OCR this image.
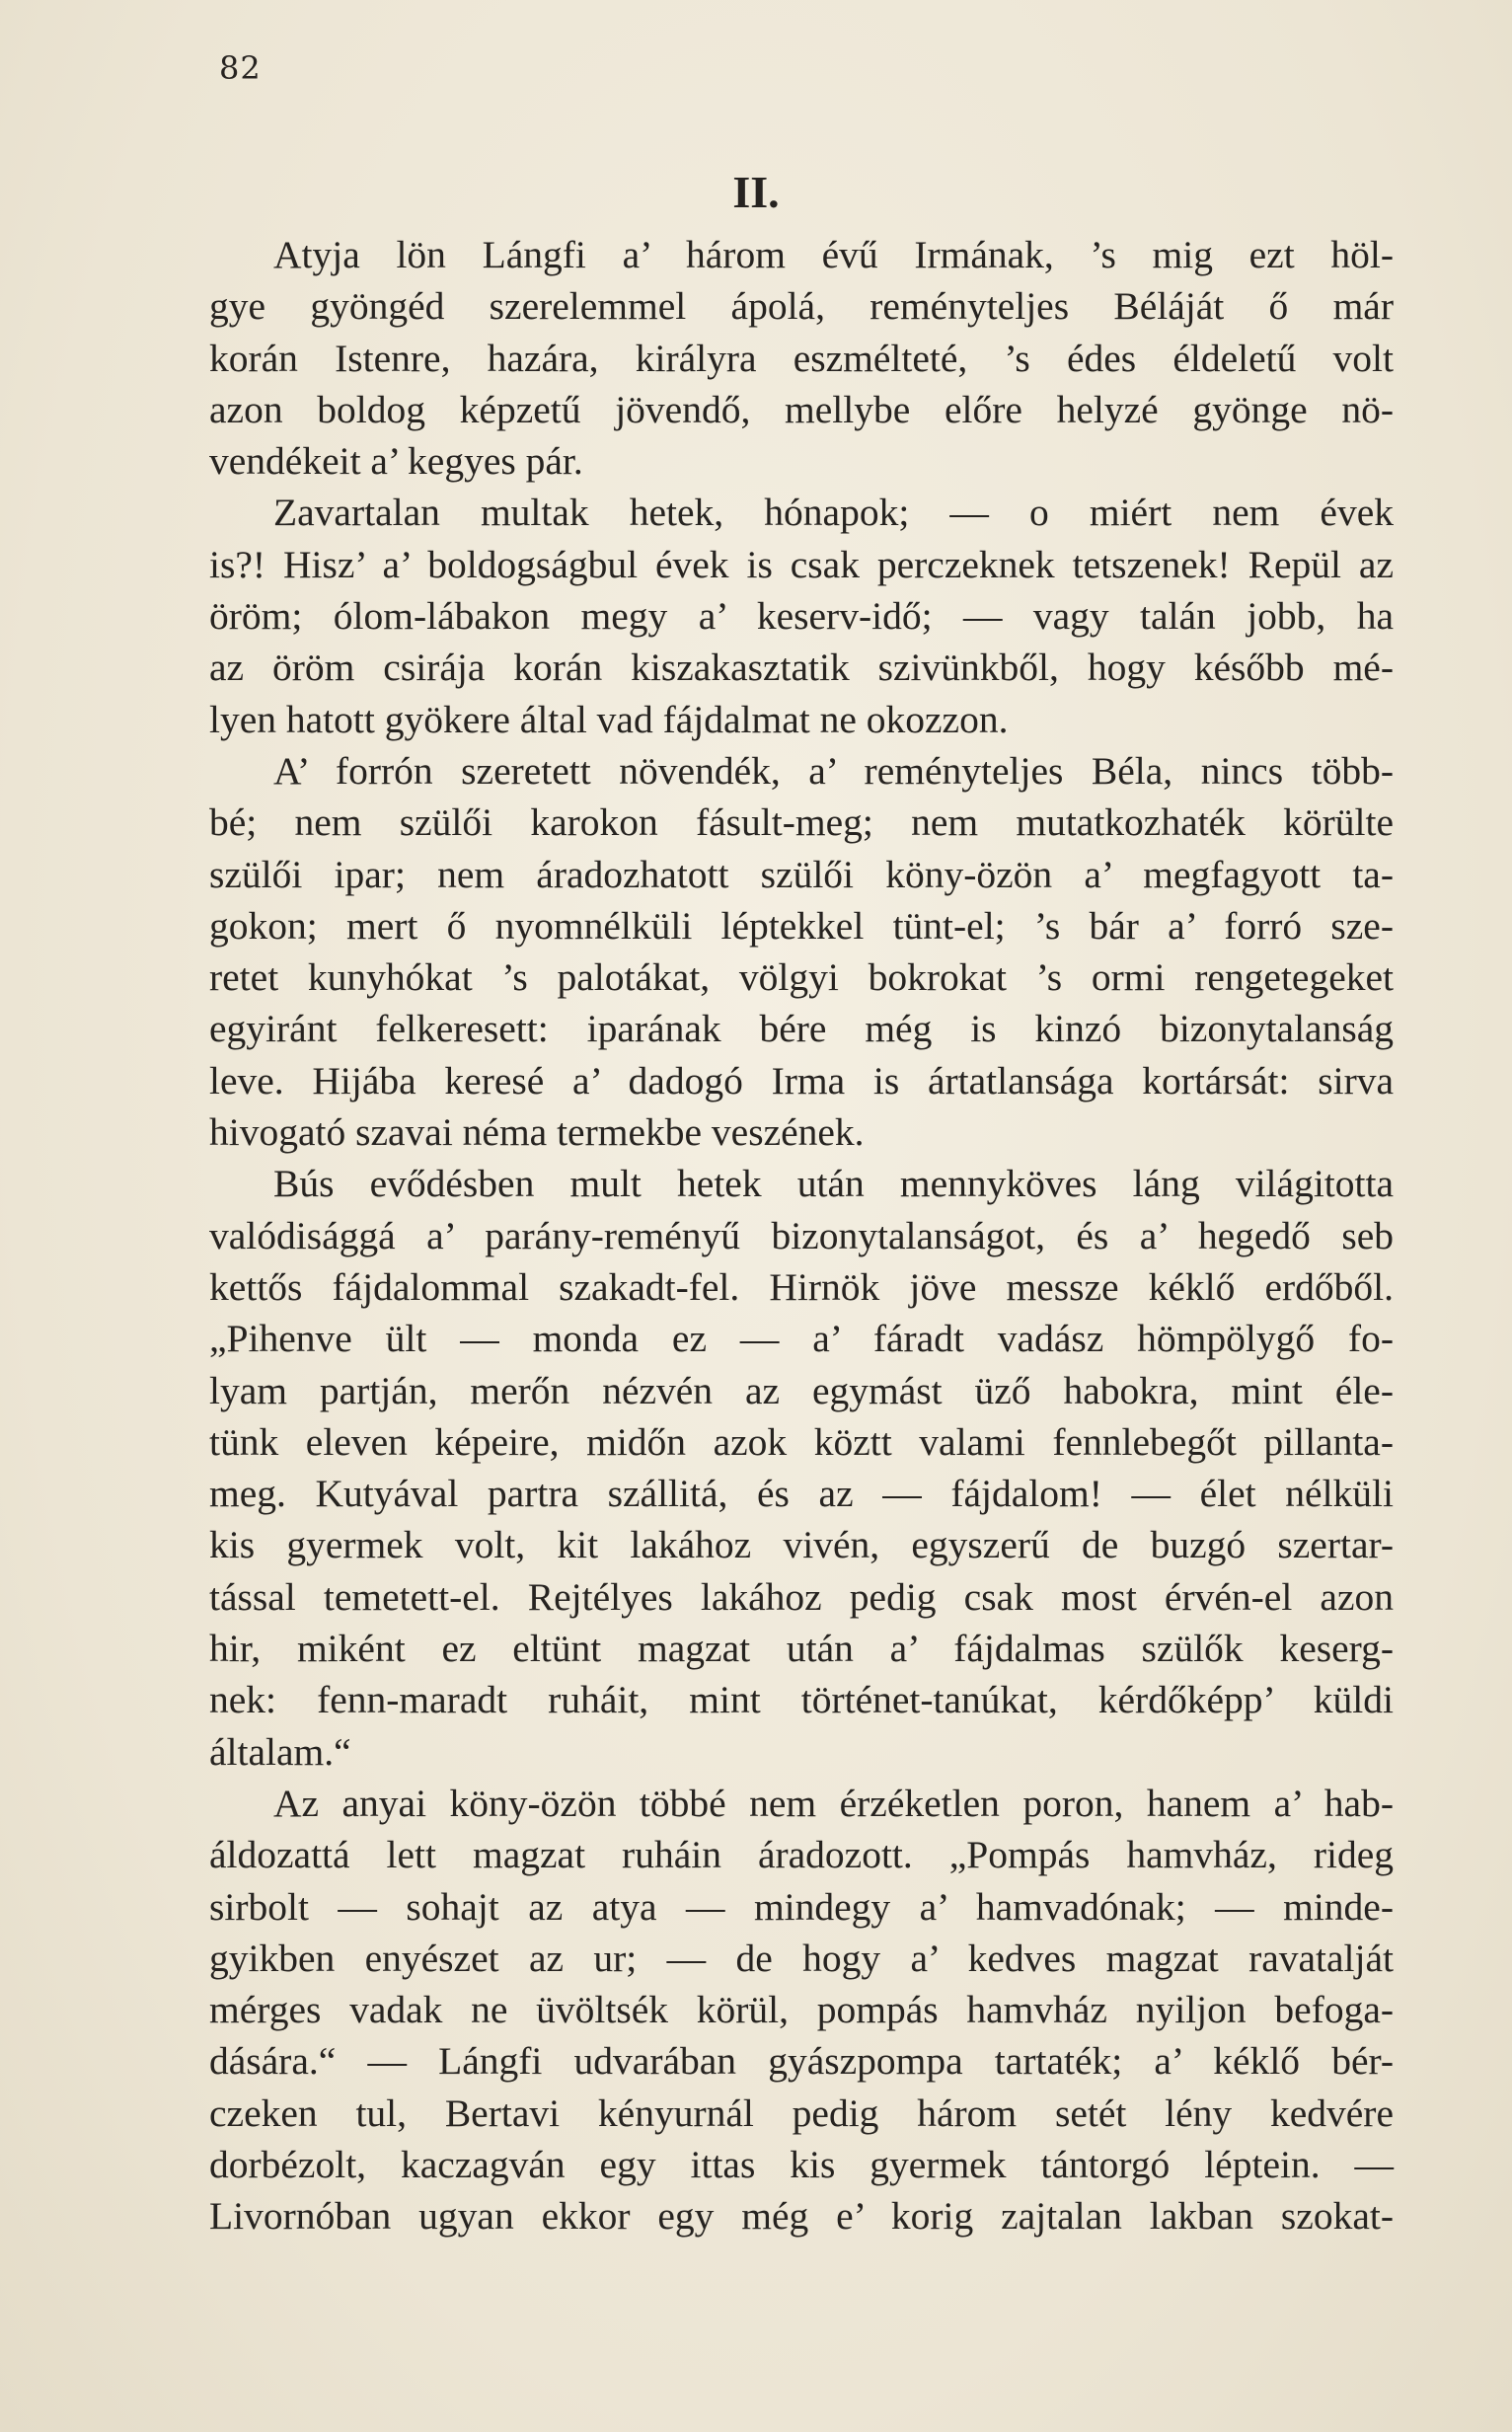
82
II.
Atyja lön Lángfi a’ három évű Irmának, ’s mig ezt höl-
gye gyöngéd szerelemmel ápolá, reményteljes Béláját ő már
korán Istenre, hazára, királyra eszmélteté, ’s édes éldeletű volt
azon boldog képzetű jövendő, mellybe előre helyzé gyönge nö-
vendékeit a’ kegyes pár.
Zavartalan multak hetek, hónapok; — o miért nem évek
is?! Hisz’ a’ boldogságbul évek is csak perczeknek tetszenek! Repül az
öröm; ólom-lábakon megy a’ keserv-idő; — vagy talán jobb, ha
az öröm csirája korán kiszakasztatik szivünkből, hogy később mé-
lyen hatott gyökere által vad fájdalmat ne okozzon.
A’ forrón szeretett növendék, a’ reményteljes Béla, nincs több-
bé; nem szülői karokon fásult-meg; nem mutatkozhaték körülte
szülői ipar; nem áradozhatott szülői köny-özön a’ megfagyott ta-
gokon; mert ő nyomnélküli léptekkel tünt-el; ’s bár a’ forró sze-
retet kunyhókat ’s palotákat, völgyi bokrokat ’s ormi rengetegeket
egyiránt felkeresett: iparának bére még is kinzó bizonytalanság
leve. Hijába keresé a’ dadogó Irma is ártatlansága kortársát: sirva
hivogató szavai néma termekbe veszének.
Bús evődésben mult hetek után mennyköves láng világitotta
valódisággá a’ parány-reményű bizonytalanságot, és a’ hegedő seb
kettős fájdalommal szakadt-fel. Hirnök jöve messze kéklő erdőből.
„Pihenve ült — monda ez — a’ fáradt vadász hömpölygő fo-
lyam partján, merőn nézvén az egymást üző habokra, mint éle-
tünk eleven képeire, midőn azok köztt valami fennlebegőt pillanta-
meg. Kutyával partra szállitá, és az — fájdalom! — élet nélküli
kis gyermek volt, kit lakához vivén, egyszerű de buzgó szertar-
tással temetett-el. Rejtélyes lakához pedig csak most érvén-el azon
hir, miként ez eltünt magzat után a’ fájdalmas szülők keserg-
nek: fenn-maradt ruháit, mint történet-tanúkat, kérdőképp’ küldi
általam.“
Az anyai köny-özön többé nem érzéketlen poron, hanem a’ hab-
áldozattá lett magzat ruháin áradozott. „Pompás hamvház, rideg
sirbolt — sohajt az atya — mindegy a’ hamvadónak; — minde-
gyikben enyészet az ur; — de hogy a’ kedves magzat ravatalját
mérges vadak ne üvöltsék körül, pompás hamvház nyiljon befoga-
dására.“ — Lángfi udvarában gyászpompa tartaték; a’ kéklő bér-
czeken tul, Bertavi kényurnál pedig három setét lény kedvére
dorbézolt, kaczagván egy ittas kis gyermek tántorgó léptein. —
Livornóban ugyan ekkor egy még e’ korig zajtalan lakban szokat-
